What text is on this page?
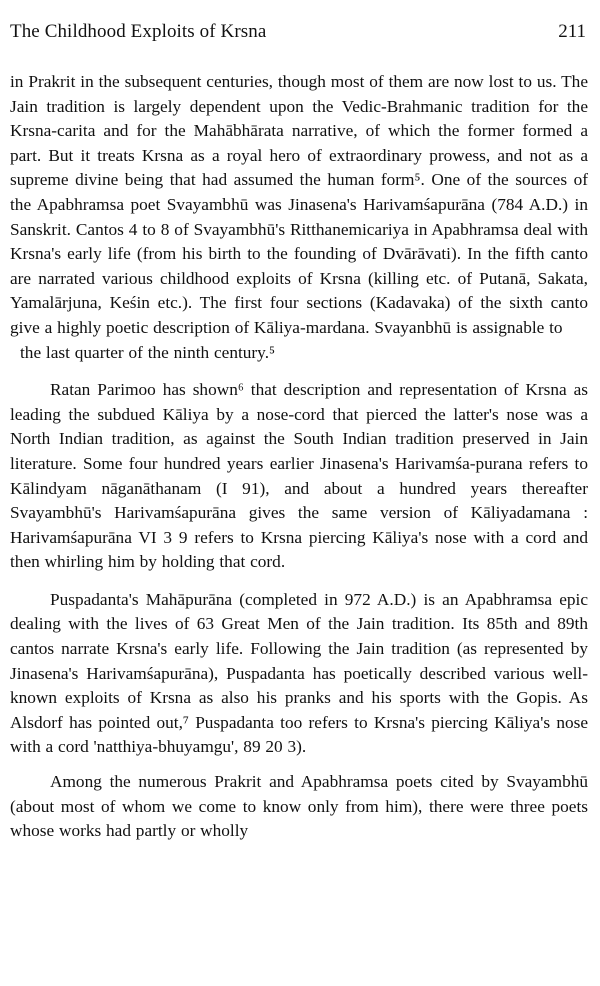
The Childhood Exploits of Krsna	211

in Prakrit in the subsequent centuries, though most of them are now lost to us. The Jain tradition is largely dependent upon the Vedic-Brahmanic tradition for the Krsna-carita and for the Mahābhārata narrative, of which the former formed a part. But it treats Krsna as a royal hero of extraordinary prowess, and not as a supreme divine being that had assumed the human form⁵. One of the sources of the Apabhramsa poet Svayambhū was Jinasena's Harivamśapurāna (784 A.D.) in Sanskrit. Cantos 4 to 8 of Svayambhū's Ritthanemicariya in Apabhramsa deal with Krsna's early life (from his birth to the founding of Dvārāvati). In the fifth canto are narrated various childhood exploits of Krsna (killing etc. of Putanā, Sakata, Yamalārjuna, Keśin etc.). The first four sections (Kadavaka) of the sixth canto give a highly poetic description of Kāliya-mardana. Svayanbhū is assignable to

the last quarter of the ninth century.⁵

Ratan Parimoo has shown⁶ that description and representation of Krsna as leading the subdued Kāliya by a nose-cord that pierced the latter's nose was a North Indian tradition, as against the South Indian tradition preserved in Jain literature. Some four hundred years earlier Jinasena's Harivamśa-purana refers to Kālindyam nāganāthanam (I 91), and about a hundred years thereafter Svayambhū's Harivamśapurāna gives the same version of Kāliyadamana : Harivamśapurāna VI 3 9 refers to Krsna piercing Kāliya's nose with a cord and then whirling him by holding that cord.

Puspadanta's Mahāpurāna (completed in 972 A.D.) is an Apabhramsa epic dealing with the lives of 63 Great Men of the Jain tradition. Its 85th and 89th cantos narrate Krsna's early life. Following the Jain tradition (as represented by Jinasena's Harivamśapurāna), Puspadanta has poetically described various well-known exploits of Krsna as also his pranks and his sports with the Gopis. As Alsdorf has pointed out,⁷ Puspadanta too refers to Krsna's piercing Kāliya's nose with a cord 'natthiya-bhuyamgu', 89 20 3).

Among the numerous Prakrit and Apabhramsa poets cited by Svayambhū (about most of whom we come to know only from him), there were three poets whose works had partly or wholly
